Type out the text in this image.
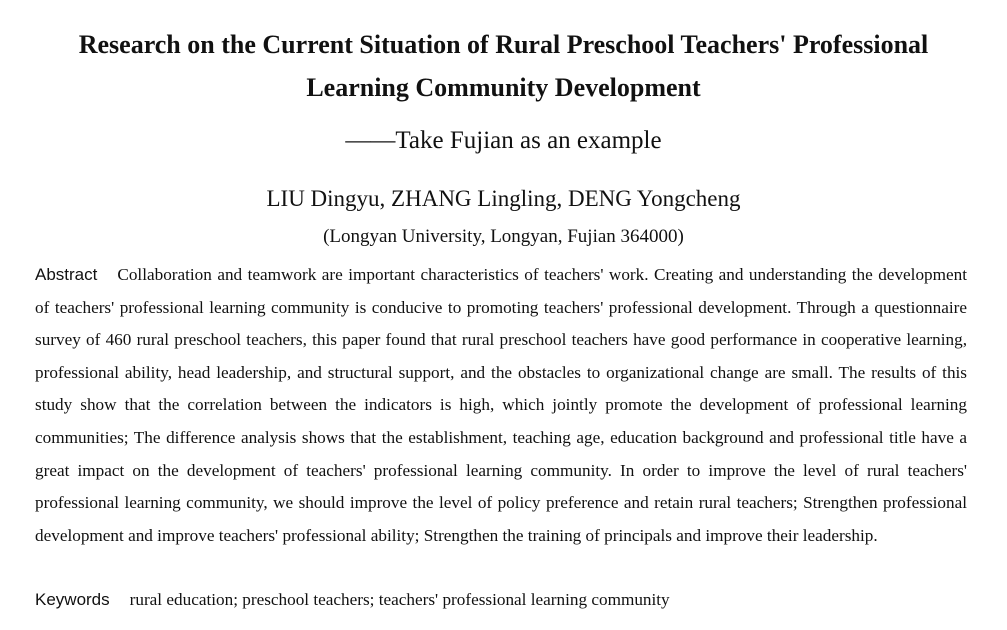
Research on the Current Situation of Rural Preschool Teachers' Professional
Learning Community Development
——Take Fujian as an example
LIU Dingyu, ZHANG Lingling, DENG Yongcheng
(Longyan University, Longyan, Fujian 364000)
Abstract Collaboration and teamwork are important characteristics of teachers' work. Creating and understanding the development of teachers' professional learning community is conducive to promoting teachers' professional development. Through a questionnaire survey of 460 rural preschool teachers, this paper found that rural preschool teachers have good performance in cooperative learning, professional ability, head leadership, and structural support, and the obstacles to organizational change are small. The results of this study show that the correlation between the indicators is high, which jointly promote the development of professional learning communities; The difference analysis shows that the establishment, teaching age, education background and professional title have a great impact on the development of teachers' professional learning community. In order to improve the level of rural teachers' professional learning community, we should improve the level of policy preference and retain rural teachers; Strengthen professional development and improve teachers' professional ability; Strengthen the training of principals and improve their leadership.
Keywords rural education; preschool teachers; teachers' professional learning community
